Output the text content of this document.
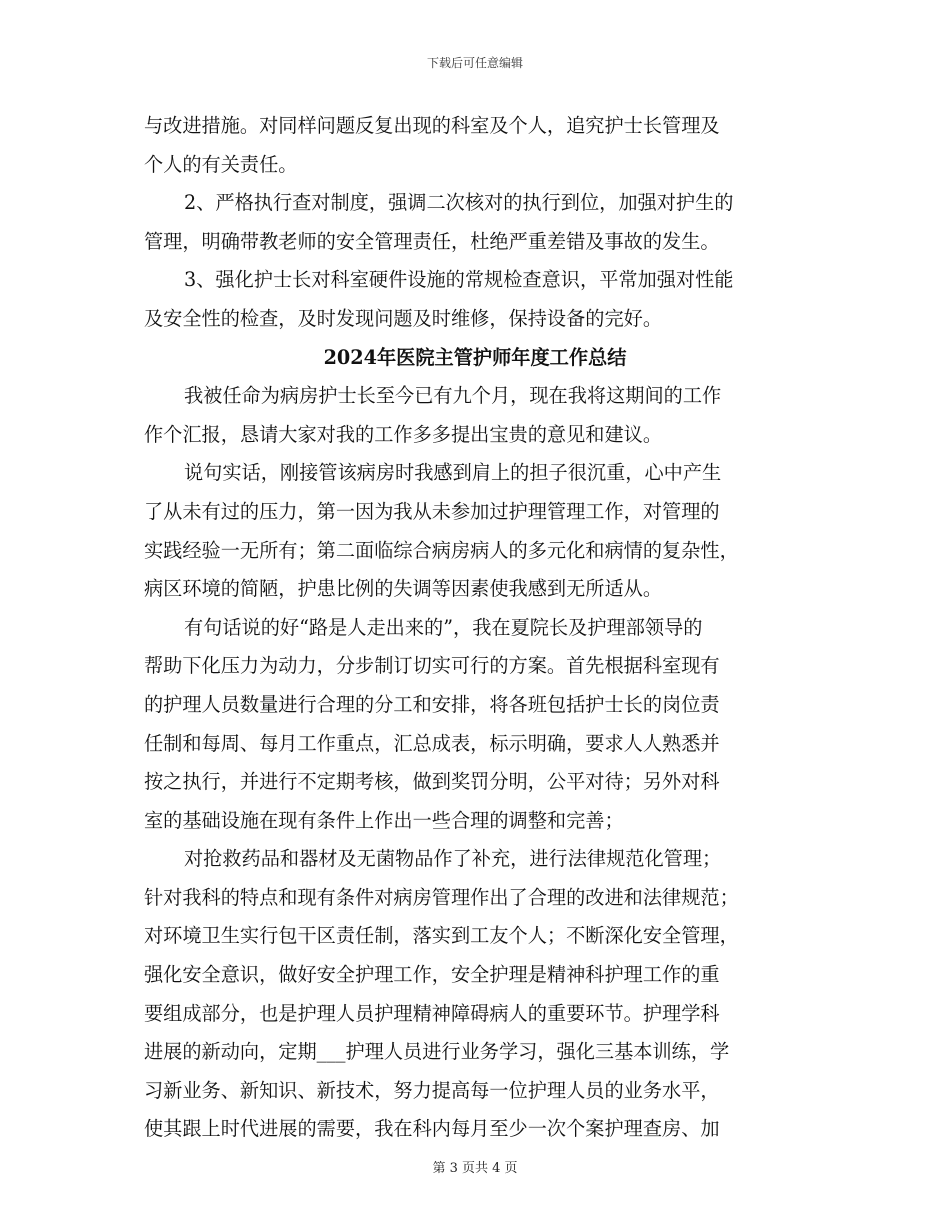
下载后可任意编辑
与改进措施。对同样问题反复出现的科室及个人，追究护士长管理及
个人的有关责任。
2、严格执行查对制度，强调二次核对的执行到位，加强对护生的
管理，明确带教老师的安全管理责任，杜绝严重差错及事故的发生。
3、强化护士长对科室硬件设施的常规检查意识，平常加强对性能
及安全性的检查，及时发现问题及时维修，保持设备的完好。
2024年医院主管护师年度工作总结
我被任命为病房护士长至今已有九个月，现在我将这期间的工作
作个汇报，恳请大家对我的工作多多提出宝贵的意见和建议。
说句实话，刚接管该病房时我感到肩上的担子很沉重，心中产生
了从未有过的压力，第一因为我从未参加过护理管理工作，对管理的
实践经验一无所有；第二面临综合病房病人的多元化和病情的复杂性，
病区环境的简陋，护患比例的失调等因素使我感到无所适从。
有句话说的好“路是人走出来的”，我在夏院长及护理部领导的
帮助下化压力为动力，分步制订切实可行的方案。首先根据科室现有
的护理人员数量进行合理的分工和安排，将各班包括护士长的岗位责
任制和每周、每月工作重点，汇总成表，标示明确，要求人人熟悉并
按之执行，并进行不定期考核，做到奖罚分明，公平对待；另外对科
室的基础设施在现有条件上作出一些合理的调整和完善；
对抢救药品和器材及无菌物品作了补充，进行法律规范化管理；
针对我科的特点和现有条件对病房管理作出了合理的改进和法律规范；
对环境卫生实行包干区责任制，落实到工友个人；不断深化安全管理，
强化安全意识，做好安全护理工作，安全护理是精神科护理工作的重
要组成部分，也是护理人员护理精神障碍病人的重要环节。护理学科
进展的新动向，定期___护理人员进行业务学习，强化三基本训练，学
习新业务、新知识、新技术，努力提高每一位护理人员的业务水平，
使其跟上时代进展的需要，我在科内每月至少一次个案护理查房、加
第 3 页共 4 页
